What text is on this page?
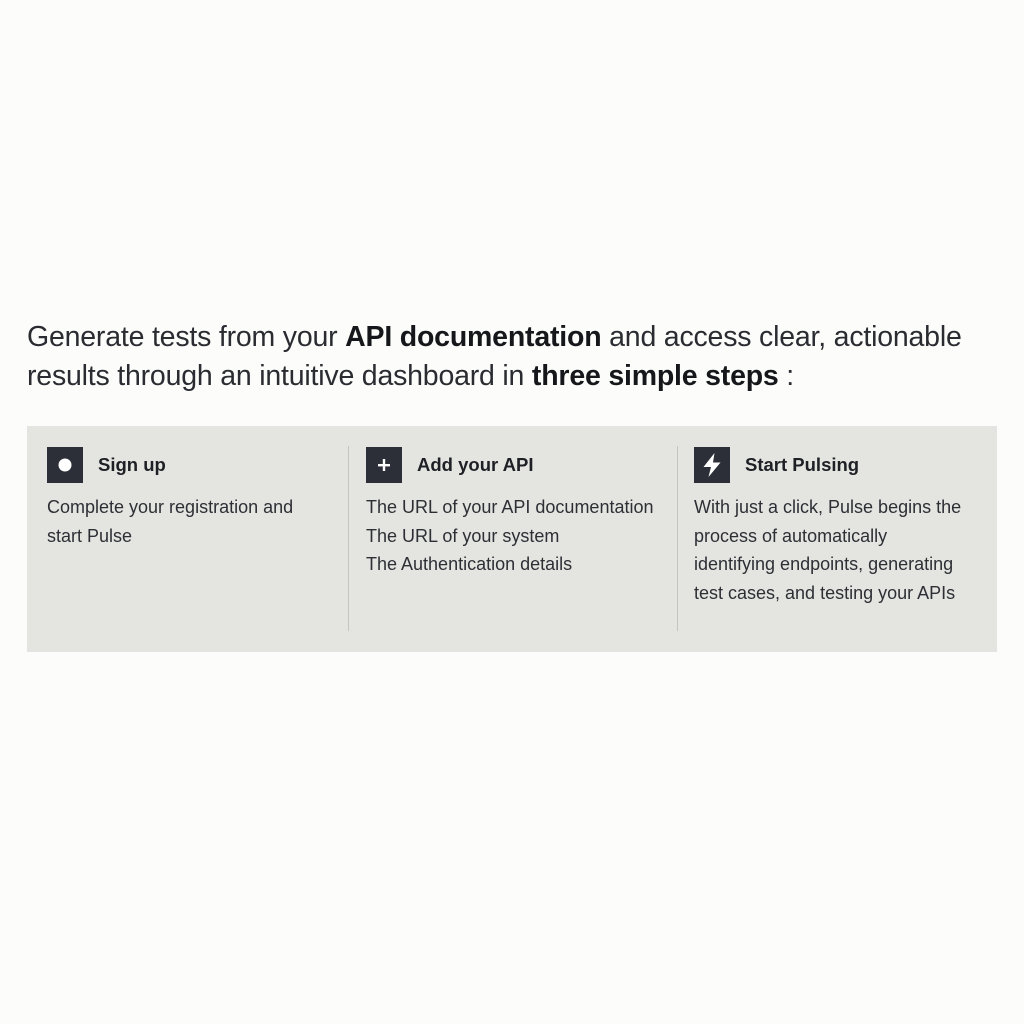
Generate tests from your API documentation and access clear, actionable
results through an intuitive dashboard in three simple steps :
Sign up
Complete your registration and
start Pulse
Add your API
The URL of your API documentation
The URL of your system
The Authentication details
Start Pulsing
With just a click, Pulse begins the
process of automatically
identifying endpoints, generating
test cases, and testing your APIs
